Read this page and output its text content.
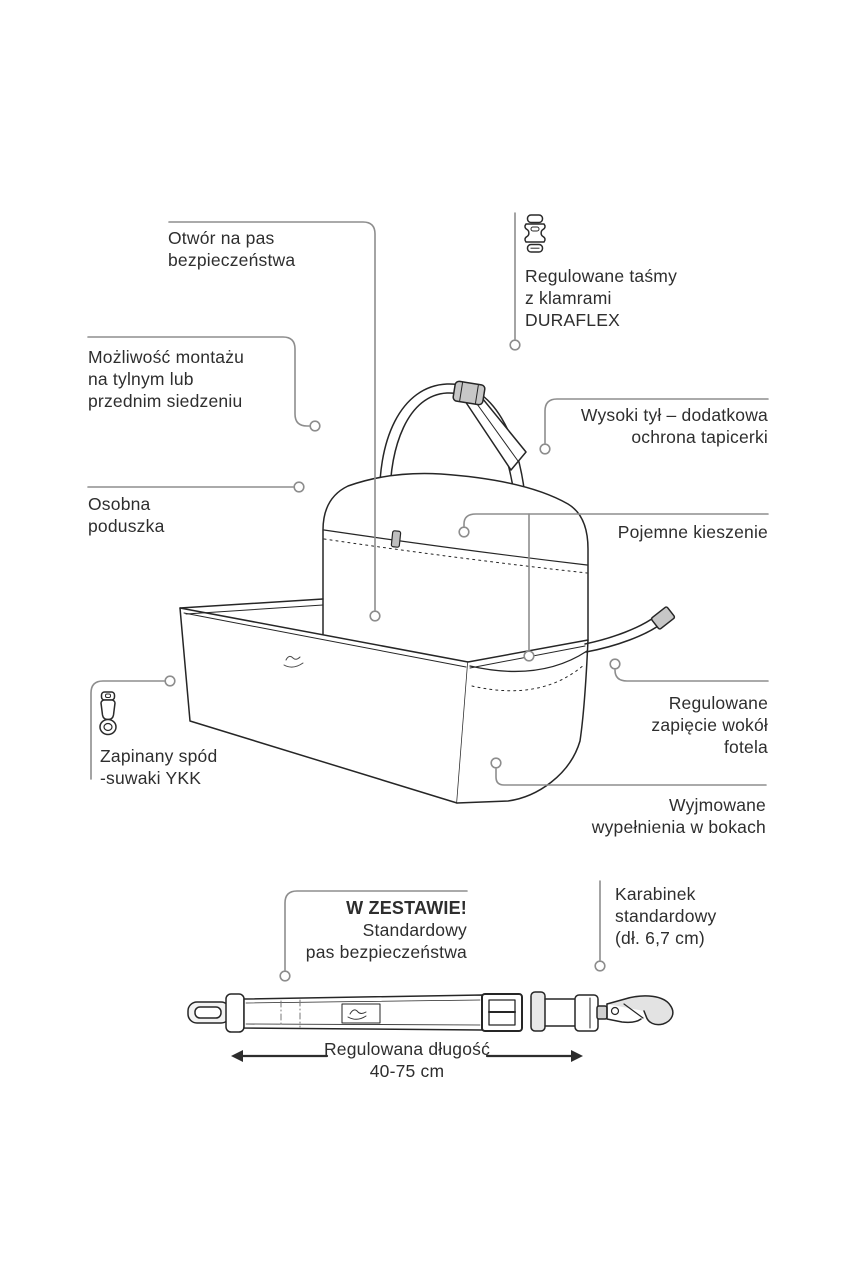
Otwór na pas
bezpieczeństwa
Regulowane taśmy
z klamrami
DURAFLEX
Możliwość montażu
na tylnym lub
przednim siedzeniu
Wysoki tył – dodatkowa
ochrona tapicerki
Osobna
poduszka	Pojemne kieszenie
Zapinany spód
-suwaki YKK
Regulowane
zapięcie wokół
fotela
Wyjmowane
wypełnienia w bokach
W ZESTAWIE!
Standardowy
pas bezpieczeństwa
Karabinek
standardowy
(dł. 6,7 cm)
Regulowana długość
40-75 cm
